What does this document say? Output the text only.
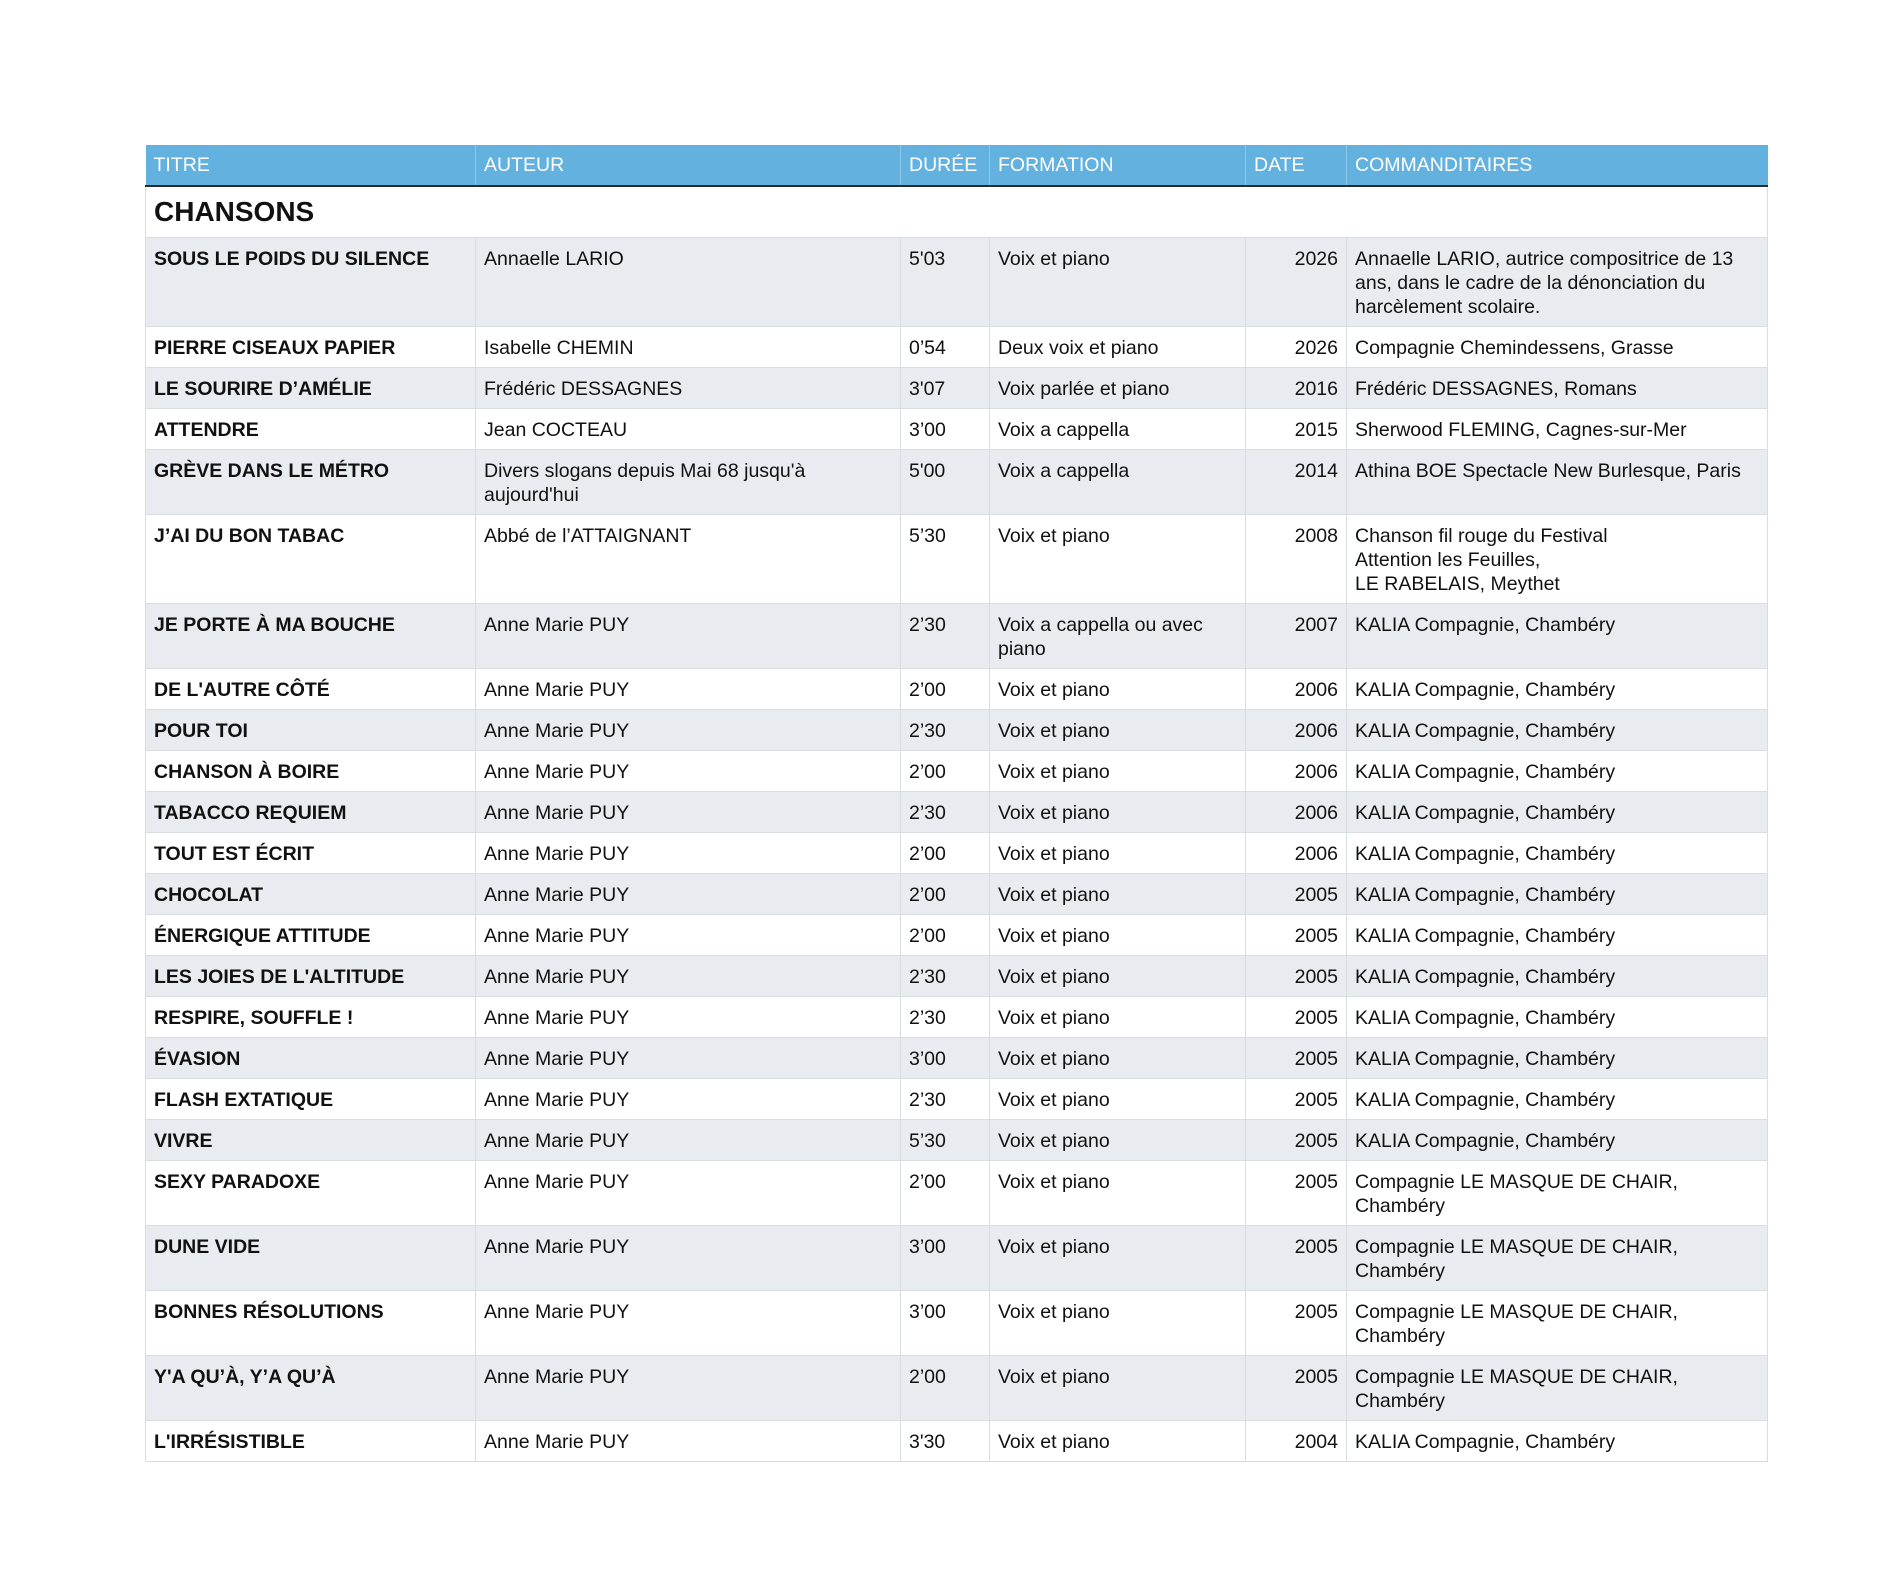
TITRE	AUTEUR	DURÉE	FORMATION	DATE	COMMANDITAIRES
CHANSONS					
SOUS LE POIDS DU SILENCE	Annaelle LARIO	5'03	Voix et piano	2026	Annaelle LARIO, autrice compositrice de 13 ans, dans le cadre de la dénonciation du harcèlement scolaire.
PIERRE CISEAUX PAPIER	Isabelle CHEMIN	0’54	Deux voix et piano	2026	Compagnie Chemindessens, Grasse
LE SOURIRE D’AMÉLIE	Frédéric DESSAGNES	3'07	Voix parlée et piano	2016	Frédéric DESSAGNES, Romans
ATTENDRE	Jean COCTEAU	3’00	Voix a cappella	2015	Sherwood FLEMING, Cagnes-sur-Mer
GRÈVE DANS LE MÉTRO	Divers slogans depuis Mai 68 jusqu'à aujourd'hui	5'00	Voix a cappella	2014	Athina BOE Spectacle New Burlesque, Paris
J’AI DU BON TABAC	Abbé de l’ATTAIGNANT	5’30	Voix et piano	2008	Chanson fil rouge du Festival
Attention les Feuilles,
LE RABELAIS, Meythet
JE PORTE À MA BOUCHE	Anne Marie PUY	2’30	Voix a cappella ou avec piano	2007	KALIA Compagnie, Chambéry
DE L'AUTRE CÔTÉ	Anne Marie PUY	2’00	Voix et piano	2006	KALIA Compagnie, Chambéry
POUR TOI	Anne Marie PUY	2’30	Voix et piano	2006	KALIA Compagnie, Chambéry
CHANSON À BOIRE	Anne Marie PUY	2’00	Voix et piano	2006	KALIA Compagnie, Chambéry
TABACCO REQUIEM	Anne Marie PUY	2’30	Voix et piano	2006	KALIA Compagnie, Chambéry
TOUT EST ÉCRIT	Anne Marie PUY	2’00	Voix et piano	2006	KALIA Compagnie, Chambéry
CHOCOLAT	Anne Marie PUY	2’00	Voix et piano	2005	KALIA Compagnie, Chambéry
ÉNERGIQUE ATTITUDE	Anne Marie PUY	2’00	Voix et piano	2005	KALIA Compagnie, Chambéry
LES JOIES DE L'ALTITUDE	Anne Marie PUY	2’30	Voix et piano	2005	KALIA Compagnie, Chambéry
RESPIRE, SOUFFLE !	Anne Marie PUY	2’30	Voix et piano	2005	KALIA Compagnie, Chambéry
ÉVASION	Anne Marie PUY	3’00	Voix et piano	2005	KALIA Compagnie, Chambéry
FLASH EXTATIQUE	Anne Marie PUY	2’30	Voix et piano	2005	KALIA Compagnie, Chambéry
VIVRE	Anne Marie PUY	5’30	Voix et piano	2005	KALIA Compagnie, Chambéry
SEXY PARADOXE	Anne Marie PUY	2’00	Voix et piano	2005	Compagnie LE MASQUE DE CHAIR, Chambéry
DUNE VIDE	Anne Marie PUY	3’00	Voix et piano	2005	Compagnie LE MASQUE DE CHAIR, Chambéry
BONNES RÉSOLUTIONS	Anne Marie PUY	3’00	Voix et piano	2005	Compagnie LE MASQUE DE CHAIR, Chambéry
Y'A QU’À, Y’A QU’À	Anne Marie PUY	2’00	Voix et piano	2005	Compagnie LE MASQUE DE CHAIR, Chambéry
L'IRRÉSISTIBLE	Anne Marie PUY	3'30	Voix et piano	2004	KALIA Compagnie, Chambéry
